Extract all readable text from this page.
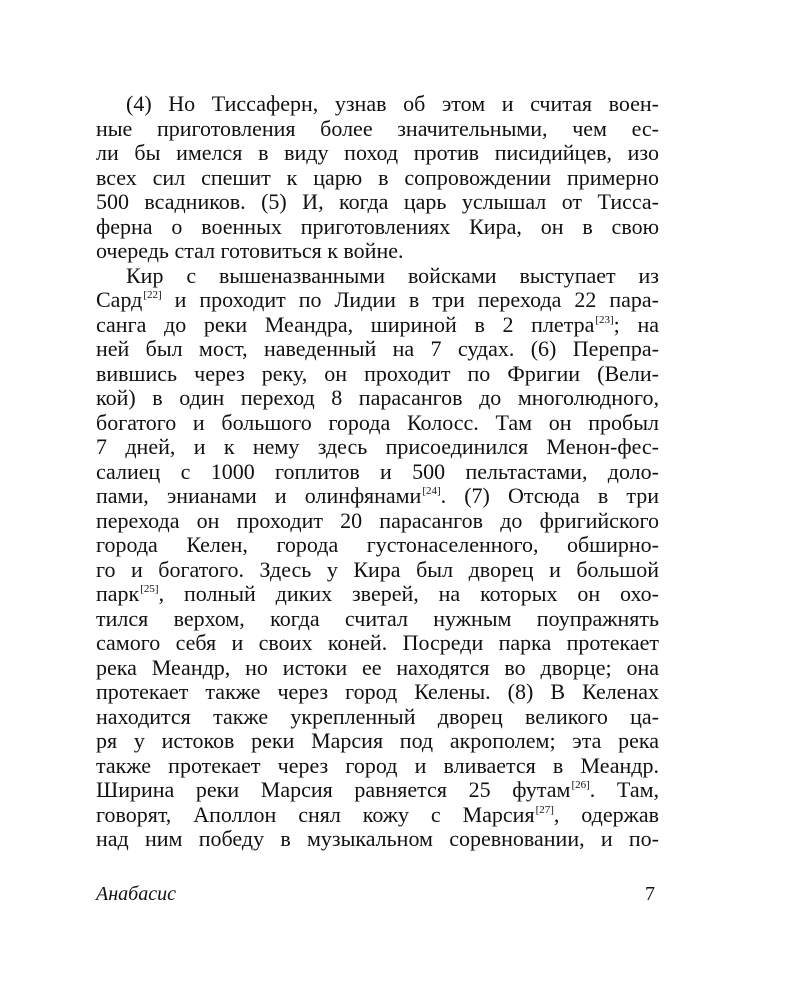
(4) Но Тиссаферн, узнав об этом и считая воен-
ные приготовления более значительными, чем ес-
ли бы имелся в виду поход против писидийцев, изо
всех сил спешит к царю в сопровождении примерно
500 всадников. (5) И, когда царь услышал от Тисса-
ферна о военных приготовлениях Кира, он в свою
очередь стал готовиться к войне.
Кир с вышеназванными войсками выступает из
Сард[22] и проходит по Лидии в три перехода 22 пара-
санга до реки Меандра, шириной в 2 плетра[23]; на
ней был мост, наведенный на 7 судах. (6) Перепра-
вившись через реку, он проходит по Фригии (Вели-
кой) в один переход 8 парасангов до многолюдного,
богатого и большого города Колосс. Там он пробыл
7 дней, и к нему здесь присоединился Менон-фес-
салиец с 1000 гоплитов и 500 пельтастами, доло-
пами, энианами и олинфянами[24]. (7) Отсюда в три
перехода он проходит 20 парасангов до фригийского
города Келен, города густонаселенного, обширно-
го и богатого. Здесь у Кира был дворец и большой
парк[25], полный диких зверей, на которых он охо-
тился верхом, когда считал нужным поупражнять
самого себя и своих коней. Посреди парка протекает
река Меандр, но истоки ее находятся во дворце; она
протекает также через город Келены. (8) В Келенах
находится также укрепленный дворец великого ца-
ря у истоков реки Марсия под акрополем; эта река
также протекает через город и вливается в Меандр.
Ширина реки Марсия равняется 25 футам[26]. Там,
говорят, Аполлон снял кожу с Марсия[27], одержав
над ним победу в музыкальном соревновании, и по-
Анабасис	7
